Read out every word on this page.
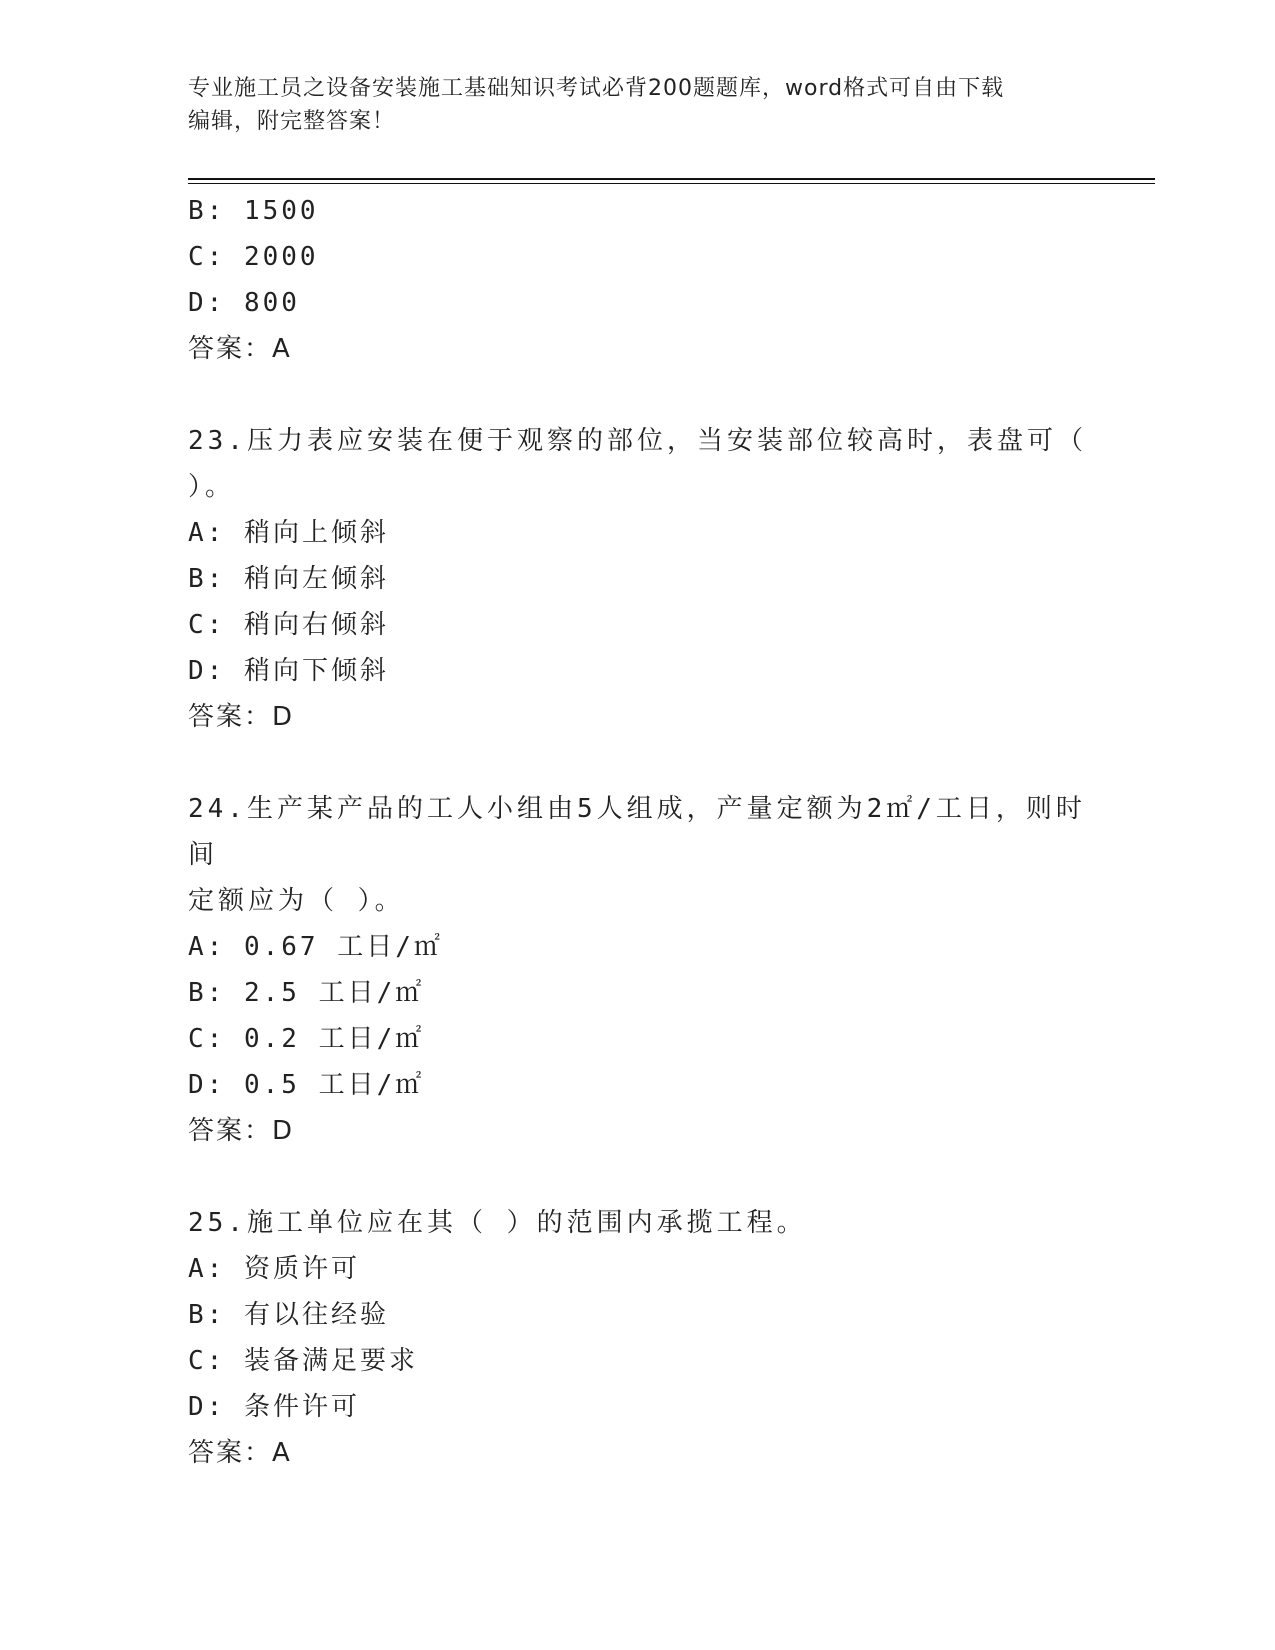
专业施工员之设备安装施工基础知识考试必背200题题库，word格式可自由下载
编辑，附完整答案！

B: 1500

C: 2000

D: 800

答案：A

23.压力表应安装在便于观察的部位，当安装部位较高时，表盘可（

）。

A: 稍向上倾斜

B: 稍向左倾斜

C: 稍向右倾斜

D: 稍向下倾斜

答案：D

24.生产某产品的工人小组由5人组成，产量定额为2㎡/工日，则时间

定额应为（ ）。

A: 0.67 工日/㎡

B: 2.5 工日/㎡

C: 0.2 工日/㎡

D: 0.5 工日/㎡

答案：D

25.施工单位应在其（ ）的范围内承揽工程。

A: 资质许可

B: 有以往经验

C: 装备满足要求

D: 条件许可

答案：A
